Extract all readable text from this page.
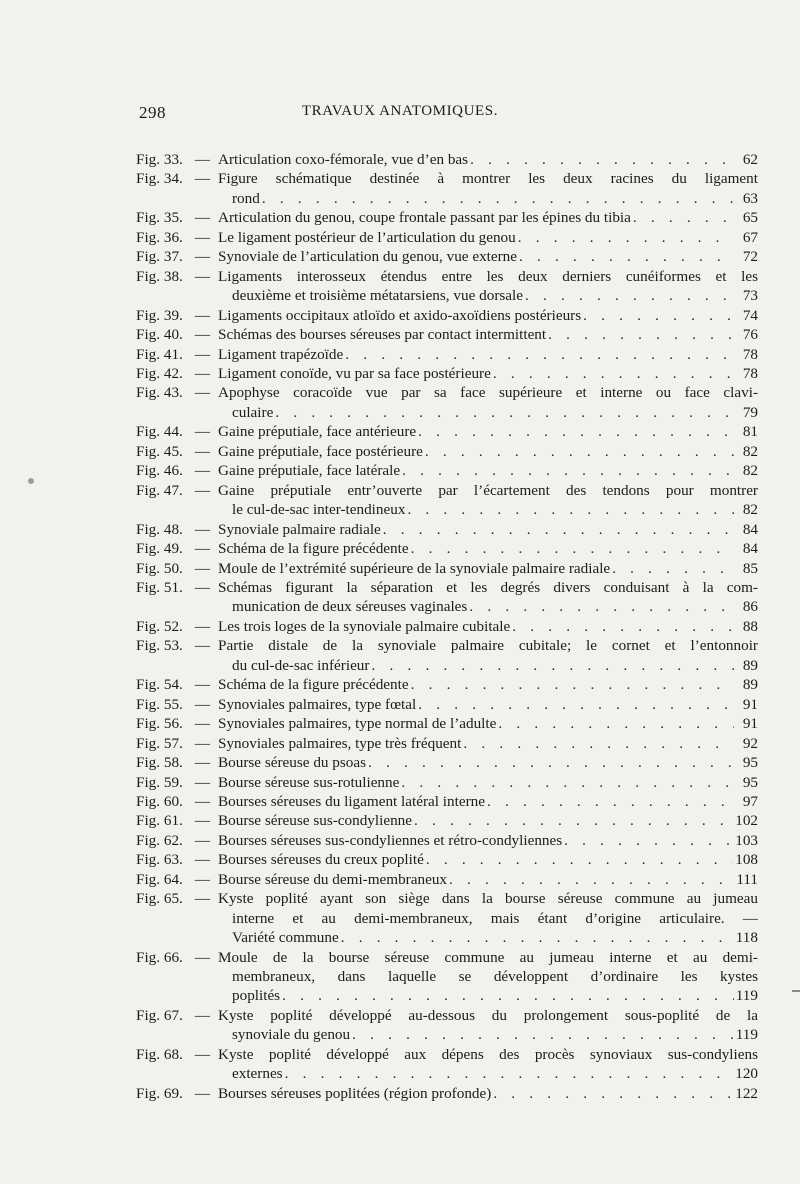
298	TRAVAUX ANATOMIQUES.
Fig. 33. — Articulation coxo-fémorale, vue d’en bas . . .	62
Fig. 34. — Figure schématique destinée à montrer les deux racines du ligament
rond . . .	63
Fig. 35. — Articulation du genou, coupe frontale passant par les épines du tibia . . .	65
Fig. 36. — Le ligament postérieur de l’articulation du genou . . .	67
Fig. 37. — Synoviale de l’articulation du genou, vue externe . . .	72
Fig. 38. — Ligaments interosseux étendus entre les deux derniers cunéiformes et les
deuxième et troisième métatarsiens, vue dorsale . . .	73
Fig. 39. — Ligaments occipitaux atloïdo et axido-axoïdiens postérieurs . . .	74
Fig. 40. — Schémas des bourses séreuses par contact intermittent . . .	76
Fig. 41. — Ligament trapézoïde . . .	78
Fig. 42. — Ligament conoïde, vu par sa face postérieure . . .	78
Fig. 43. — Apophyse coracoïde vue par sa face supérieure et interne ou face clavi-
culaire . . .	79
Fig. 44. — Gaine préputiale, face antérieure . . .	81
Fig. 45. — Gaine préputiale, face postérieure . . .	82
Fig. 46. — Gaine préputiale, face latérale . . .	82
Fig. 47. — Gaine préputiale entr’ouverte par l’écartement des tendons pour montrer
le cul-de-sac inter-tendineux . . .	82
Fig. 48. — Synoviale palmaire radiale . . .	84
Fig. 49. — Schéma de la figure précédente . . .	84
Fig. 50. — Moule de l’extrémité supérieure de la synoviale palmaire radiale . . .	85
Fig. 51. — Schémas figurant la séparation et les degrés divers conduisant à la com-
munication de deux séreuses vaginales . . .	86
Fig. 52. — Les trois loges de la synoviale palmaire cubitale . . .	88
Fig. 53. — Partie distale de la synoviale palmaire cubitale; le cornet et l’entonnoir
du cul-de-sac inférieur . . .	89
Fig. 54. — Schéma de la figure précédente . . .	89
Fig. 55. — Synoviales palmaires, type fœtal . . .	91
Fig. 56. — Synoviales palmaires, type normal de l’adulte . . .	91
Fig. 57. — Synoviales palmaires, type très fréquent . . .	92
Fig. 58. — Bourse séreuse du psoas . . .	95
Fig. 59. — Bourse séreuse sus-rotulienne . . .	95
Fig. 60. — Bourses séreuses du ligament latéral interne . . .	97
Fig. 61. — Bourse séreuse sus-condylienne . . .	102
Fig. 62. — Bourses séreuses sus-condyliennes et rétro-condyliennes . . .	103
Fig. 63. — Bourses séreuses du creux poplité . . .	108
Fig. 64. — Bourse séreuse du demi-membraneux . . .	111
Fig. 65. — Kyste poplité ayant son siège dans la bourse séreuse commune au jumeau
interne et au demi-membraneux, mais étant d’origine articulaire. —
Variété commune . . .	118
Fig. 66. — Moule de la bourse séreuse commune au jumeau interne et au demi-
membraneux, dans laquelle se développent d’ordinaire les kystes
poplités . . .	119
Fig. 67. — Kyste poplité développé au-dessous du prolongement sous-poplité de la
synoviale du genou . . .	119
Fig. 68. — Kyste poplité développé aux dépens des procès synoviaux sus-condyliens
externes . . .	120
Fig. 69. — Bourses séreuses poplitées (région profonde) . . .	122
